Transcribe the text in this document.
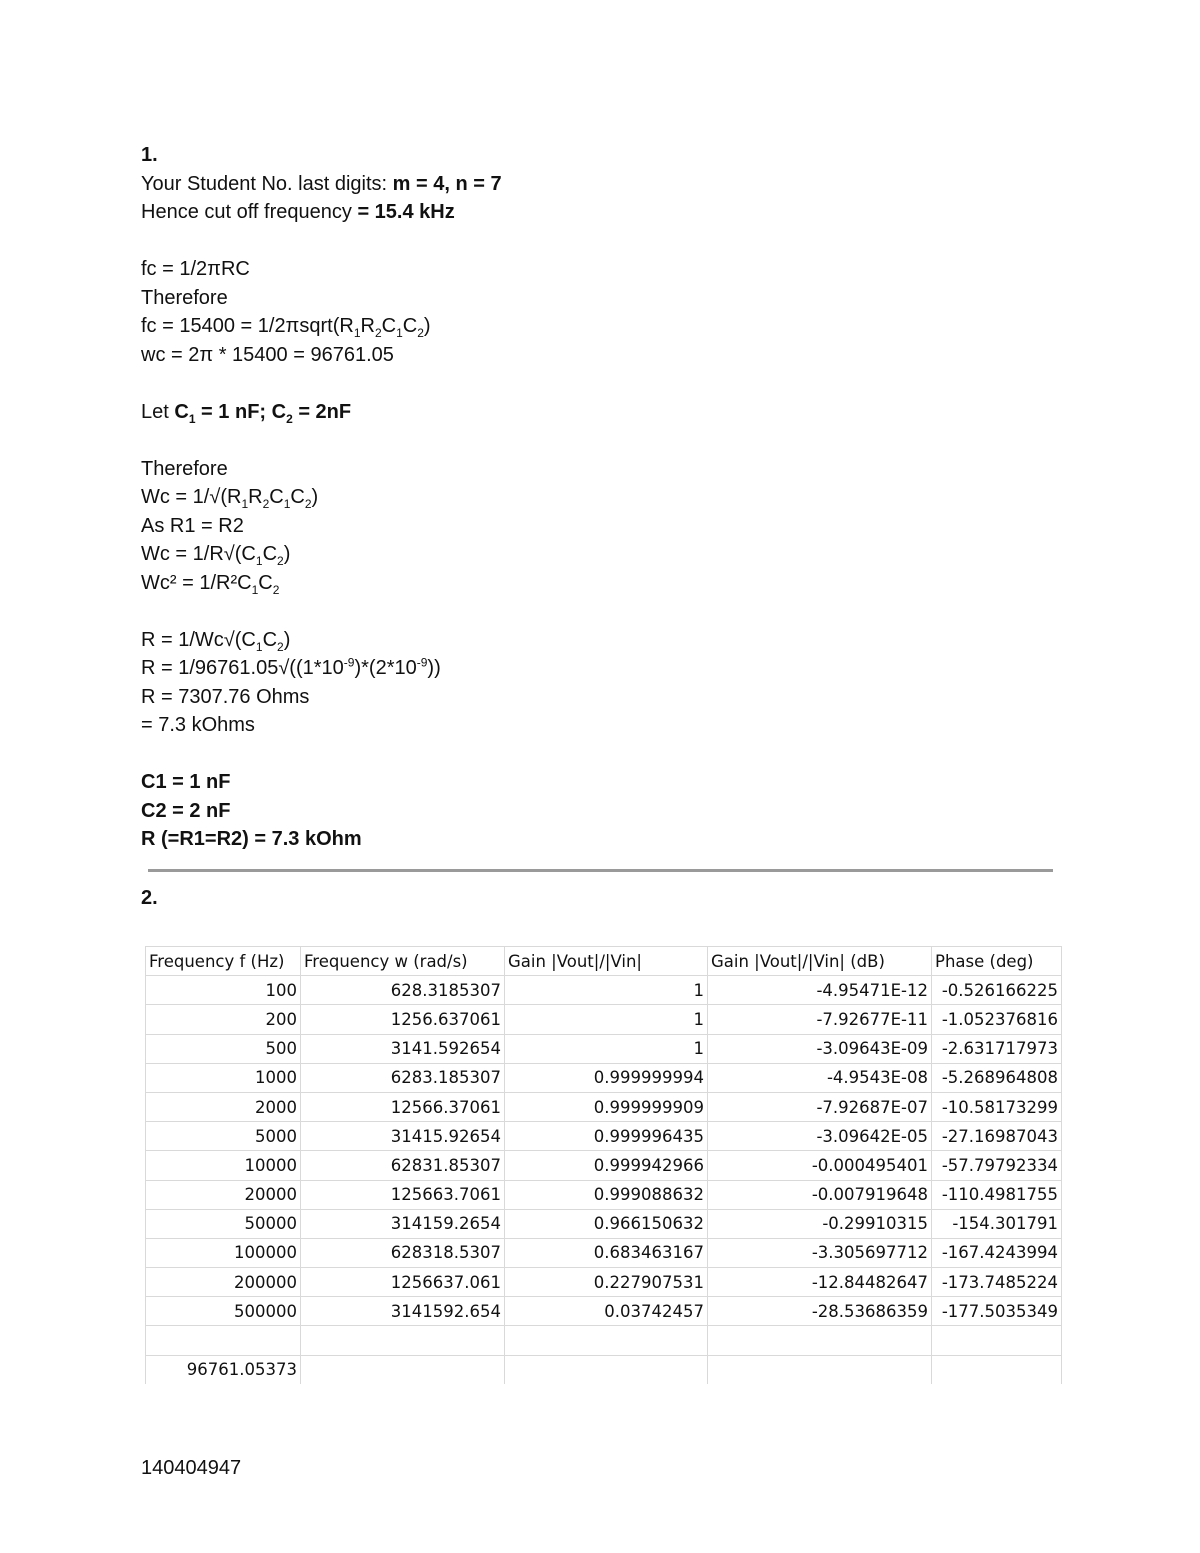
1.
Your Student No. last digits: m = 4, n = 7
Hence cut off frequency = 15.4 kHz
fc = 1/2πRC
Therefore
fc = $15400 = 1/2\pi sqrt(R_1R_2C_1C_2)$
wc = 2π * 15400 = 96761.05
Let $C_1 = 1$ nF; $C_2 = 2nF$
Therefore
$Wc = 1/√(R_1R_2C_1C_2)$
As R1 = R2
$Wc = 1/R√(C_1C_2)$
$Wc^2 = 1/R^2C_1C_2$
$R = 1/Wc√(C_1C_2)$
$R = 1/96761.05√((1*10^{-9})*(2*10^{-9}))$
R = 7307.76 Ohms
= 7.3 kOhms
C1 = 1 nF
C2 = 2 nF
R (=R1=R2) = 7.3 kOhm
2.
Frequency f (Hz)	Frequency w (rad/s)	Gain |Vout|/|Vin|	Gain |Vout|/|Vin| (dB)	Phase (deg)
100	628.3185307	1	-4.95471E-12	-0.526166225
200	1256.637061	1	-7.92677E-11	-1.052376816
500	3141.592654	1	-3.09643E-09	-2.631717973
1000	6283.185307	0.999999994	-4.9543E-08	-5.268964808
2000	12566.37061	0.999999909	-7.92687E-07	-10.58173299
5000	31415.92654	0.999996435	-3.09642E-05	-27.16987043
10000	62831.85307	0.999942966	-0.000495401	-57.79792334
20000	125663.7061	0.999088632	-0.007919648	-110.4981755
50000	314159.2654	0.966150632	-0.29910315	-154.301791
100000	628318.5307	0.683463167	-3.305697712	-167.4243994
200000	1256637.061	0.227907531	-12.84482647	-173.7485224
500000	3141592.654	0.03742457	-28.53686359	-177.5035349

96761.05373				
140404947
